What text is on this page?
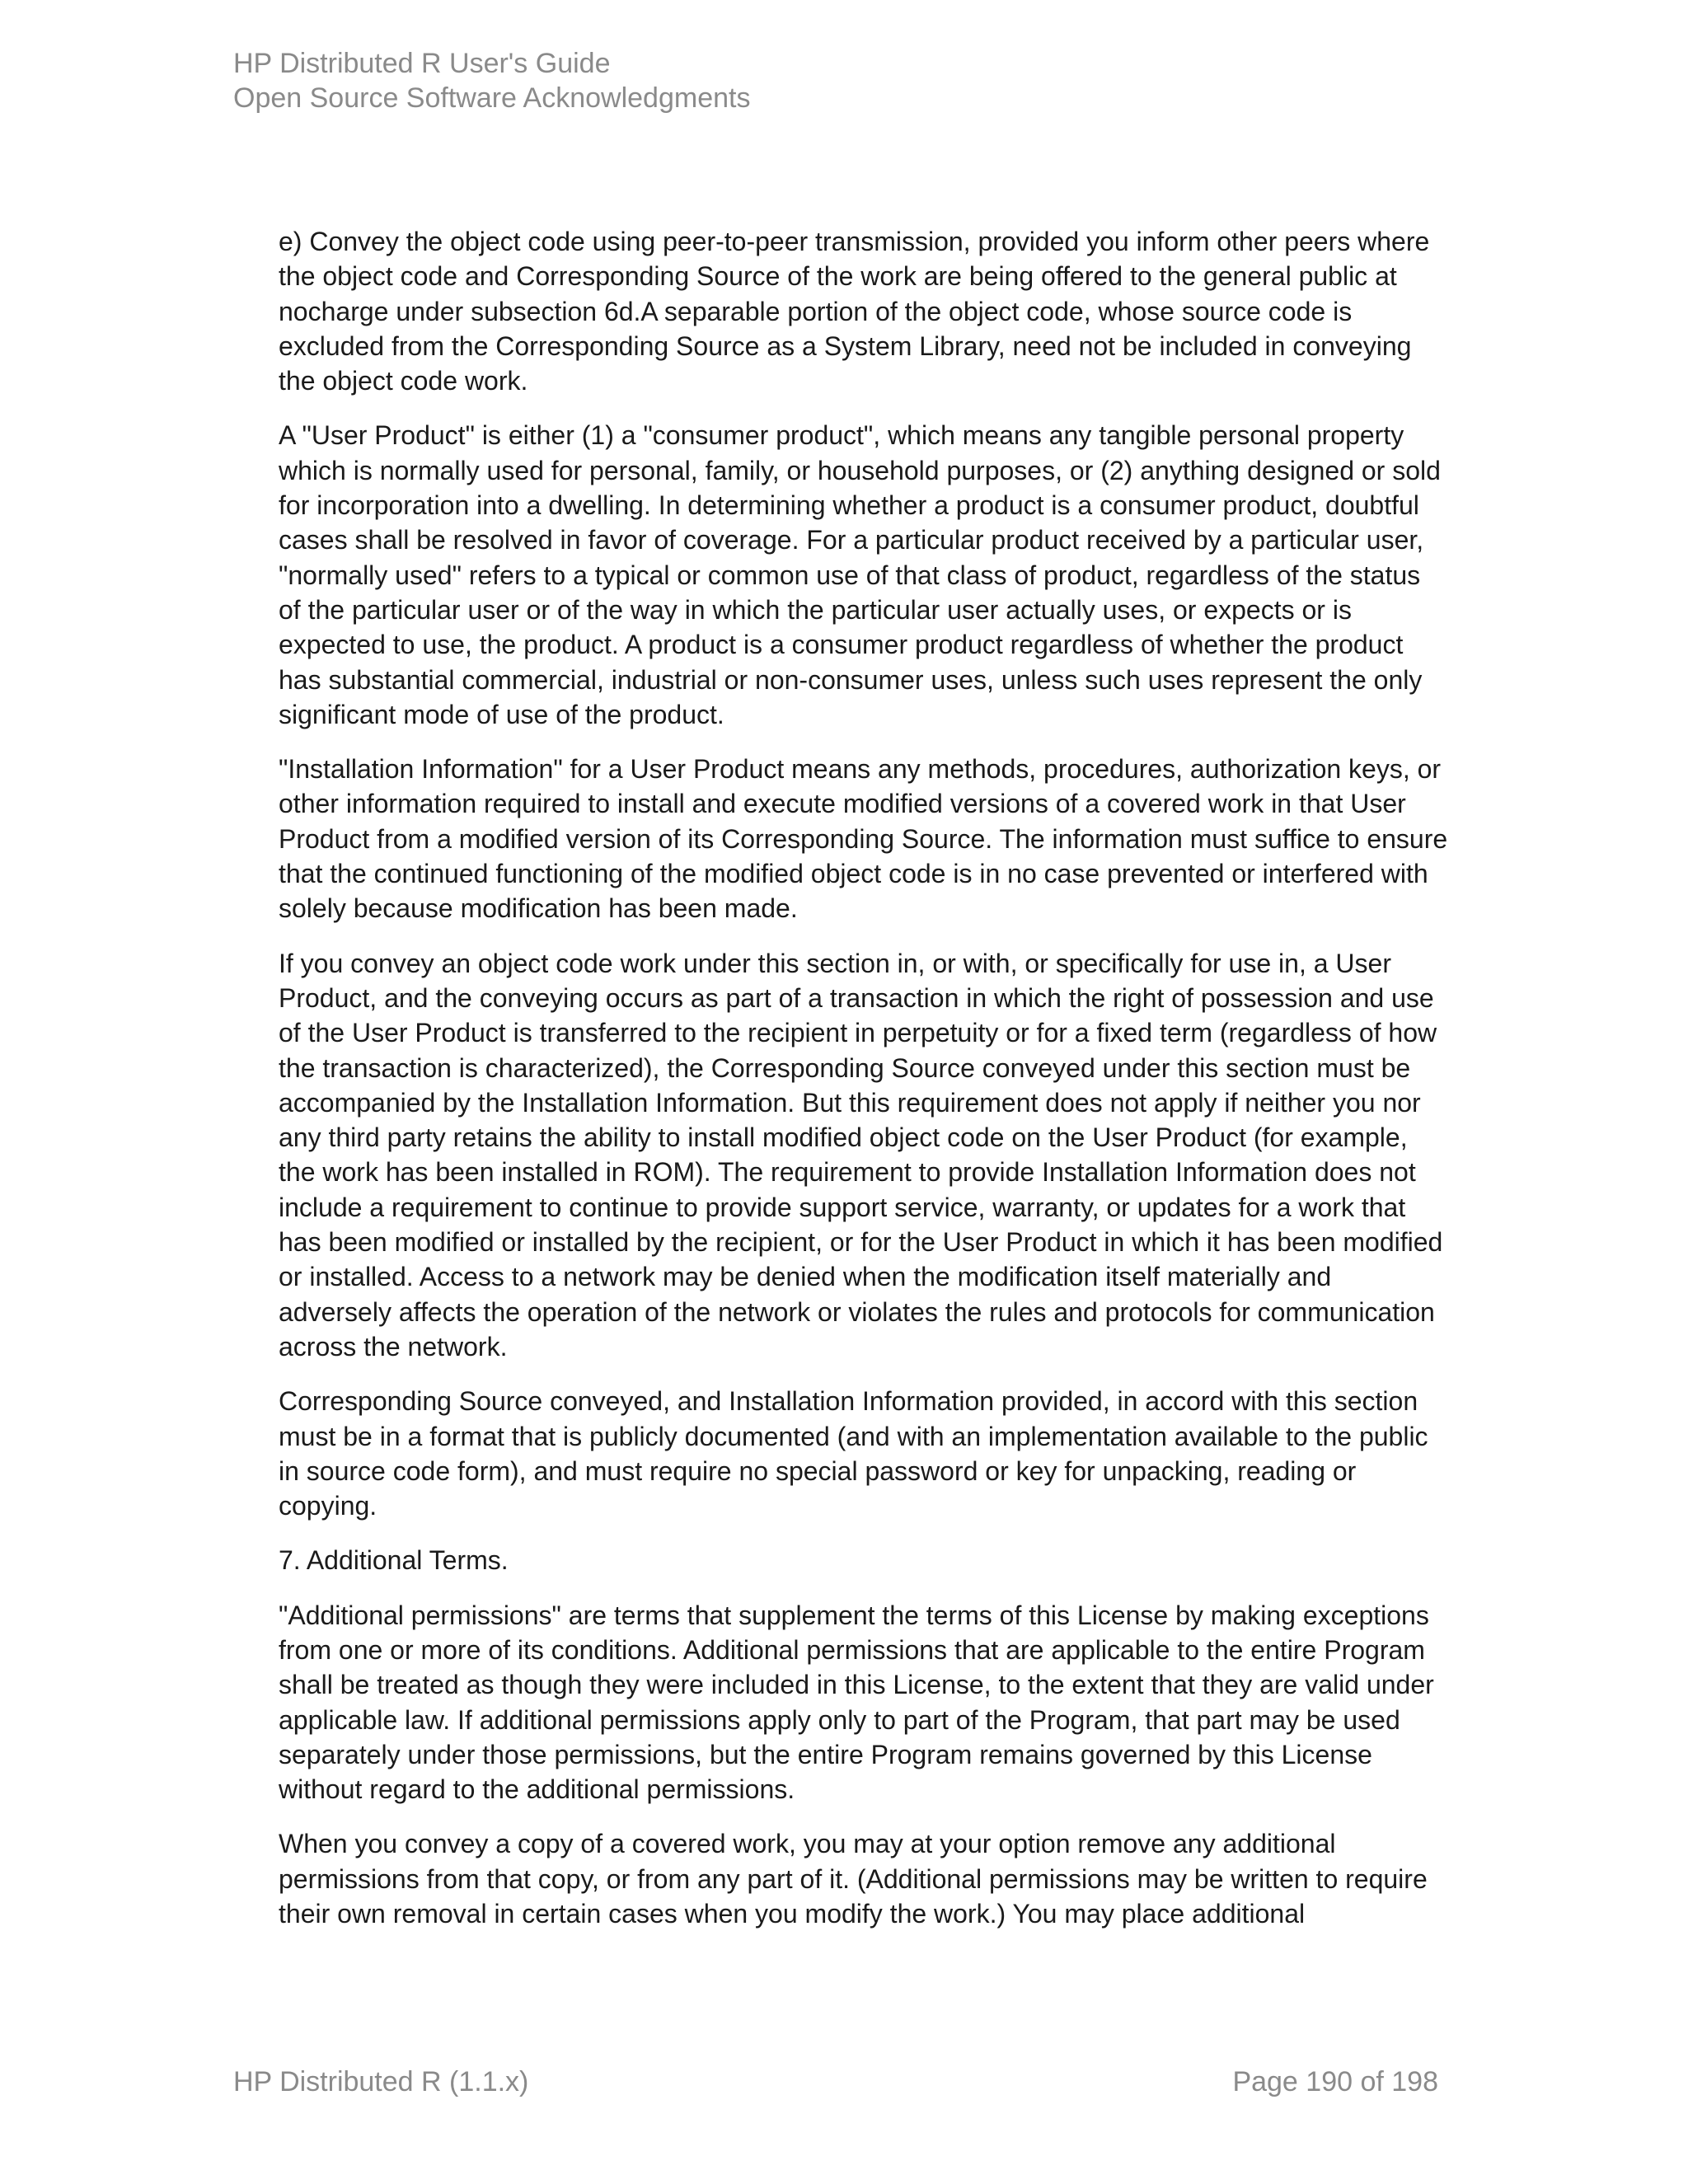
HP Distributed R User's Guide
Open Source Software Acknowledgments

e) Convey the object code using peer-to-peer transmission, provided you inform other peers where the object code and Corresponding Source of the work are being offered to the general public at nocharge under subsection 6d.A separable portion of the object code, whose source code is excluded from the Corresponding Source as a System Library, need not be included in conveying the object code work.

A "User Product" is either (1) a "consumer product", which means any tangible personal property which is normally used for personal, family, or household purposes, or (2) anything designed or sold for incorporation into a dwelling. In determining whether a product is a consumer product, doubtful cases shall be resolved in favor of coverage. For a particular product received by a particular user, "normally used" refers to a typical or common use of that class of product, regardless of the status of the particular user or of the way in which the particular user actually uses, or expects or is expected to use, the product. A product is a consumer product regardless of whether the product has substantial commercial, industrial or non-consumer uses, unless such uses represent the only significant mode of use of the product.

"Installation Information" for a User Product means any methods, procedures, authorization keys, or other information required to install and execute modified versions of a covered work in that User Product from a modified version of its Corresponding Source. The information must suffice to ensure that the continued functioning of the modified object code is in no case prevented or interfered with solely because modification has been made.

If you convey an object code work under this section in, or with, or specifically for use in, a User Product, and the conveying occurs as part of a transaction in which the right of possession and use of the User Product is transferred to the recipient in perpetuity or for a fixed term (regardless of how the transaction is characterized), the Corresponding Source conveyed under this section must be accompanied by the Installation Information. But this requirement does not apply if neither you nor any third party retains the ability to install modified object code on the User Product (for example, the work has been installed in ROM). The requirement to provide Installation Information does not include a requirement to continue to provide support service, warranty, or updates for a work that has been modified or installed by the recipient, or for the User Product in which it has been modified or installed. Access to a network may be denied when the modification itself materially and adversely affects the operation of the network or violates the rules and protocols for communication across the network.

Corresponding Source conveyed, and Installation Information provided, in accord with this section must be in a format that is publicly documented (and with an implementation available to the public in source code form), and must require no special password or key for unpacking, reading or copying.

7. Additional Terms.

"Additional permissions" are terms that supplement the terms of this License by making exceptions from one or more of its conditions. Additional permissions that are applicable to the entire Program shall be treated as though they were included in this License, to the extent that they are valid under applicable law. If additional permissions apply only to part of the Program, that part may be used separately under those permissions, but the entire Program remains governed by this License without regard to the additional permissions.

When you convey a copy of a covered work, you may at your option remove any additional permissions from that copy, or from any part of it. (Additional permissions may be written to require their own removal in certain cases when you modify the work.) You may place additional

HP Distributed R (1.1.x)	Page 190 of 198
